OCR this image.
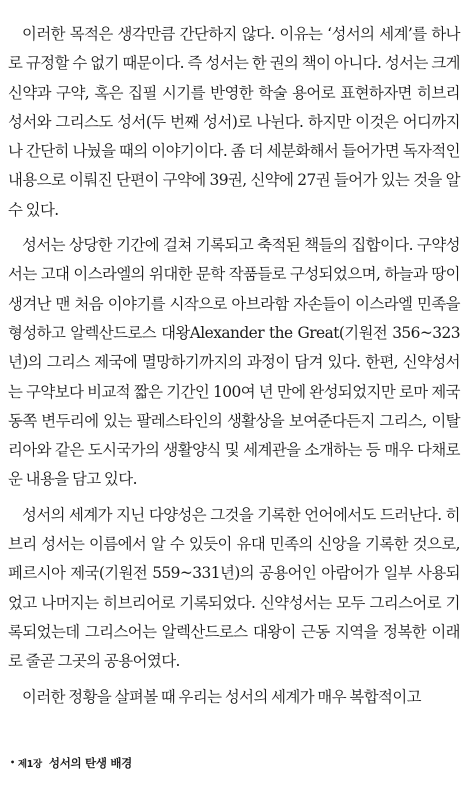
이러한 목적은 생각만큼 간단하지 않다. 이유는 ‘성서의 세계’를 하나로 규정할 수 없기 때문이다. 즉 성서는 한 권의 책이 아니다. 성서는 크게 신약과 구약, 혹은 집필 시기를 반영한 학술 용어로 표현하자면 히브리 성서와 그리스도 성서(두 번째 성서)로 나뉜다. 하지만 이것은 어디까지나 간단히 나눴을 때의 이야기이다. 좀 더 세분화해서 들어가면 독자적인 내용으로 이뤄진 단편이 구약에 39권, 신약에 27권 들어가 있는 것을 알 수 있다.

성서는 상당한 기간에 걸쳐 기록되고 축적된 책들의 집합이다. 구약성서는 고대 이스라엘의 위대한 문학 작품들로 구성되었으며, 하늘과 땅이 생겨난 맨 처음 이야기를 시작으로 아브라함 자손들이 이스라엘 민족을 형성하고 알렉산드로스 대왕Alexander the Great(기원전 356~323년)의 그리스 제국에 멸망하기까지의 과정이 담겨 있다. 한편, 신약성서는 구약보다 비교적 짧은 기간인 100여 년 만에 완성되었지만 로마 제국 동쪽 변두리에 있는 팔레스타인의 생활상을 보여준다든지 그리스, 이탈리아와 같은 도시국가의 생활양식 및 세계관을 소개하는 등 매우 다채로운 내용을 담고 있다.

성서의 세계가 지닌 다양성은 그것을 기록한 언어에서도 드러난다. 히브리 성서는 이름에서 알 수 있듯이 유대 민족의 신앙을 기록한 것으로, 페르시아 제국(기원전 559~331년)의 공용어인 아람어가 일부 사용되었고 나머지는 히브리어로 기록되었다. 신약성서는 모두 그리스어로 기록되었는데 그리스어는 알렉산드로스 대왕이 근동 지역을 정복한 이래로 줄곧 그곳의 공용어였다.

이러한 정황을 살펴볼 때 우리는 성서의 세계가 매우 복합적이고

• 제1장 성서의 탄생 배경
